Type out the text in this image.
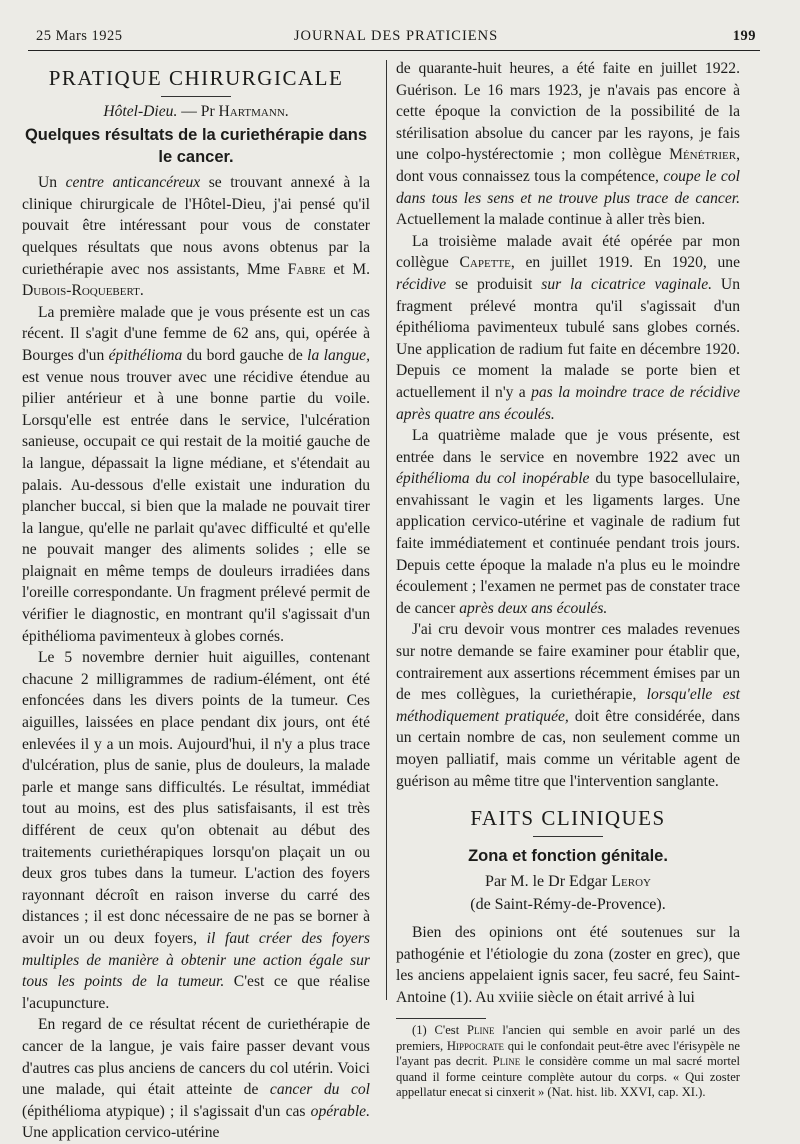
25 Mars 1925	JOURNAL DES PRATICIENS	199
PRATIQUE CHIRURGICALE
Hôtel-Dieu. — Pr Hartmann.
Quelques résultats de la curiethérapie dans le cancer.

Un centre anticancéreux se trouvant annexé à la clinique chirurgicale de l'Hôtel-Dieu, j'ai pensé qu'il pouvait être intéressant pour vous de constater quelques résultats que nous avons obtenus par la curiethérapie avec nos assistants, Mme Fabre et M. Dubois-Roquebert.

La première malade que je vous présente est un cas récent. Il s'agit d'une femme de 62 ans, qui, opérée à Bourges d'un épithélioma du bord gauche de la langue, est venue nous trouver avec une récidive étendue au pilier antérieur et à une bonne partie du voile. Lorsqu'elle est entrée dans le service, l'ulcération sanieuse, occupait ce qui restait de la moitié gauche de la langue, dépassait la ligne médiane, et s'étendait au palais. Au-dessous d'elle existait une induration du plancher buccal, si bien que la malade ne pouvait tirer la langue, qu'elle ne parlait qu'avec difficulté et qu'elle ne pouvait manger des aliments solides ; elle se plaignait en même temps de douleurs irradiées dans l'oreille correspondante. Un fragment prélevé permit de vérifier le diagnostic, en montrant qu'il s'agissait d'un épithélioma pavimenteux à globes cornés.

Le 5 novembre dernier huit aiguilles, contenant chacune 2 milligrammes de radium-élément, ont été enfoncées dans les divers points de la tumeur. Ces aiguilles, laissées en place pendant dix jours, ont été enlevées il y a un mois. Aujourd'hui, il n'y a plus trace d'ulcération, plus de sanie, plus de douleurs, la malade parle et mange sans difficultés. Le résultat, immédiat tout au moins, est des plus satisfaisants, il est très différent de ceux qu'on obtenait au début des traitements curiethérapiques lorsqu'on plaçait un ou deux gros tubes dans la tumeur. L'action des foyers rayonnant décroît en raison inverse du carré des distances ; il est donc nécessaire de ne pas se borner à avoir un ou deux foyers, il faut créer des foyers multiples de manière à obtenir une action égale sur tous les points de la tumeur. C'est ce que réalise l'acupuncture.

En regard de ce résultat récent de curiethérapie de cancer de la langue, je vais faire passer devant vous d'autres cas plus anciens de cancers du col utérin. Voici une malade, qui était atteinte de cancer du col (épithélioma atypique) ; il s'agissait d'un cas opérable. Une application cervico-utérine

de quarante-huit heures, a été faite en juillet 1922. Guérison. Le 16 mars 1923, je n'avais pas encore à cette époque la conviction de la possibilité de la stérilisation absolue du cancer par les rayons, je fais une colpo-hystérectomie ; mon collègue Ménétrier, dont vous connaissez tous la compétence, coupe le col dans tous les sens et ne trouve plus trace de cancer. Actuellement la malade continue à aller très bien.

La troisième malade avait été opérée par mon collègue Capette, en juillet 1919. En 1920, une récidive se produisit sur la cicatrice vaginale. Un fragment prélevé montra qu'il s'agissait d'un épithélioma pavimenteux tubulé sans globes cornés. Une application de radium fut faite en décembre 1920. Depuis ce moment la malade se porte bien et actuellement il n'y a pas la moindre trace de récidive après quatre ans écoulés.

La quatrième malade que je vous présente, est entrée dans le service en novembre 1922 avec un épithélioma du col inopérable du type basocellulaire, envahissant le vagin et les ligaments larges. Une application cervico-utérine et vaginale de radium fut faite immédiatement et continuée pendant trois jours. Depuis cette époque la malade n'a plus eu le moindre écoulement ; l'examen ne permet pas de constater trace de cancer après deux ans écoulés.

J'ai cru devoir vous montrer ces malades revenues sur notre demande se faire examiner pour établir que, contrairement aux assertions récemment émises par un de mes collègues, la curiethérapie, lorsqu'elle est méthodiquement pratiquée, doit être considérée, dans un certain nombre de cas, non seulement comme un moyen palliatif, mais comme un véritable agent de guérison au même titre que l'intervention sanglante.

FAITS CLINIQUES
Zona et fonction génitale.
Par M. le Dr Edgar Leroy
(de Saint-Rémy-de-Provence).

Bien des opinions ont été soutenues sur la pathogénie et l'étiologie du zona (zoster en grec), que les anciens appelaient ignis sacer, feu sacré, feu Saint-Antoine (1). Au xviiie siècle on était arrivé à lui

(1) C'est Pline l'ancien qui semble en avoir parlé un des premiers, Hippocrate qui le confondait peut-être avec l'érisypèle ne l'ayant pas decrit. Pline le considère comme un mal sacré mortel quand il forme ceinture complète autour du corps. « Qui zoster appellatur enecat si cinxerit » (Nat. hist. lib. XXVI, cap. XI.).
